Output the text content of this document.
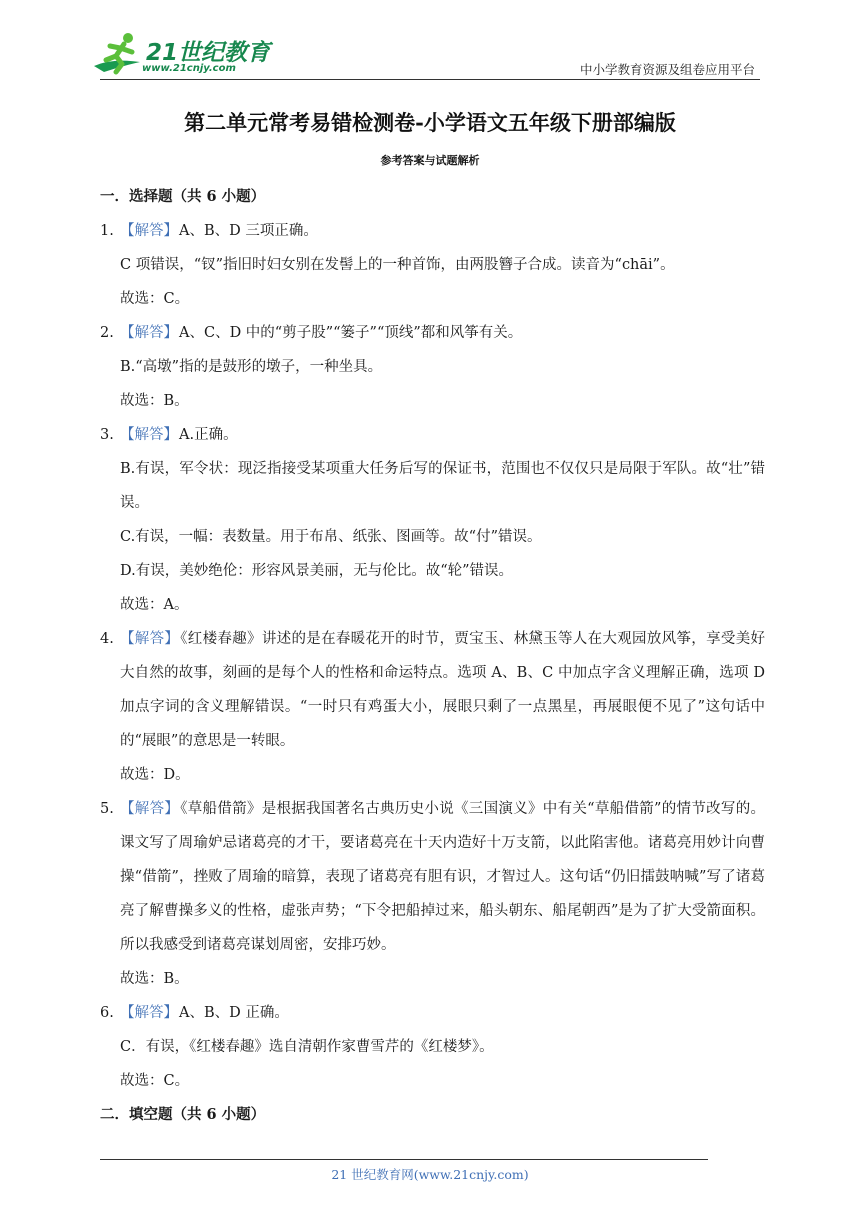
21世纪教育
www.21cnjy.com	中小学教育资源及组卷应用平台
第二单元常考易错检测卷-小学语文五年级下册部编版
参考答案与试题解析
一．选择题（共 6 小题）
1. 【解答】A、B、D 三项正确。
C 项错误，“钗”指旧时妇女别在发髻上的一种首饰，由两股簪子合成。读音为“chāi”。
故选：C。
2. 【解答】A、C、D 中的“剪子股”“篓子”“顶线”都和风筝有关。
B.“高墩”指的是鼓形的墩子，一种坐具。
故选：B。
3. 【解答】A.正确。
B.有误，军令状：现泛指接受某项重大任务后写的保证书，范围也不仅仅只是局限于军队。故“壮”错误。
C.有误，一幅：表数量。用于布帛、纸张、图画等。故“付”错误。
D.有误，美妙绝伦：形容风景美丽，无与伦比。故“轮”错误。
故选：A。
4. 【解答】《红楼春趣》讲述的是在春暖花开的时节，贾宝玉、林黛玉等人在大观园放风筝，享受美好大自然的故事，刻画的是每个人的性格和命运特点。选项 A、B、C 中加点字含义理解正确，选项 D 加点字词的含义理解错误。“一时只有鸡蛋大小，展眼只剩了一点黑星，再展眼便不见了”这句话中的“展眼”的意思是一转眼。
故选：D。
5. 【解答】《草船借箭》是根据我国著名古典历史小说《三国演义》中有关“草船借箭”的情节改写的。课文写了周瑜妒忌诸葛亮的才干，要诸葛亮在十天内造好十万支箭，以此陷害他。诸葛亮用妙计向曹操“借箭”，挫败了周瑜的暗算，表现了诸葛亮有胆有识，才智过人。这句话“仍旧擂鼓呐喊”写了诸葛亮了解曹操多义的性格，虚张声势；“下令把船掉过来，船头朝东、船尾朝西”是为了扩大受箭面积。所以我感受到诸葛亮谋划周密，安排巧妙。
故选：B。
6. 【解答】A、B、D 正确。
C．有误，《红楼春趣》选自清朝作家曹雪芹的《红楼梦》。
故选：C。
二．填空题（共 6 小题）
21 世纪教育网(www.21cnjy.com)
